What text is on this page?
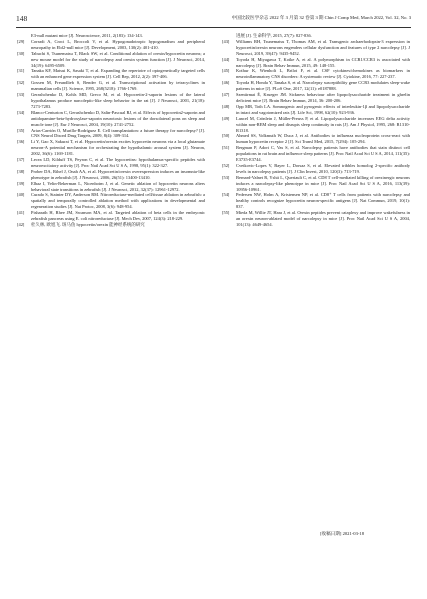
148	中国比较医学杂志 2022 年 3 月第 32 卷第 3 期 Chin J Comp Med, March 2022, Vol. 32, No. 3
E3-null mutant mice [J]. Neuroscience, 2011, 2(183): 134-143.
[29]	Corradi A, Croci L, Broccoli V, et al. Hypogonadotropic hypogonadism and peripheral neuropathy in Ebf2-null mice [J]. Development, 2003, 130(2): 401-410.
[30]	Tabuchi S, Tsunematsu T, Black SW, et al. Conditional ablation of orexin/hypocretin neurons; a new mouse model for the study of narcolepsy and orexin system function [J]. J Neurosci, 2014, 34(19): 6495-6509.
[31]	Tanaka KF, Matsui K, Sasaki T, et al. Expanding the repertoire of optogenetically targeted cells with an enhanced gene expression system [J]. Cell Rep, 2012, 2(2): 397-406.
[32]	Gossen M, Freundlieb S, Bender G, et al. Transcriptional activation by tetracyclines in mammalian cells [J]. Science, 1995, 268(5218): 1766-1769.
[33]	Gerashchenko D, Kohls MD, Greco M, et al. Hypocretin-2-saporin lesions of the lateral hypothalamus produce narcoleptic-like sleep behavior in the rat [J]. J Neurosci, 2001, 21(18): 7273-7283.
[34]	Blanco-Centurion C, Gerashchenko D, Salin-Pascual RJ, et al. Effects of hypocretin2-saporin and antidopamine-beta-hydroxylase-saporin neurotoxic lesions of the dorsolateral pons on sleep and muscle tone [J]. Eur J Neurosci, 2004, 19(10): 2741-2752.
[35]	Arias-Carrión O, Murillo-Rodríguez E. Cell transplantation: a future therapy for narcolepsy? [J]. CNS Neurol Disord Drug Targets, 2009, 8(4): 309-314.
[36]	Li Y, Gao X, Sakurai T, et al. Hypocretin/orexin excites hypocretin neurons via a local glutamate neuron-A potential mechanism for orchestrating the hypothalamic arousal system [J]. Neuron, 2002, 36(6): 1169-1181.
[37]	Lecea LD, Kilduff TS, Peyron C, et al. The hypocretins: hypothalamus-specific peptides with neuroexcitatory activity [J]. Proc Natl Acad Sci U S A, 1998, 95(1): 322-327.
[38]	Prober DA, Rihel J, Onah AA, et al. Hypocretin/orexin overexpression induces an insomnia-like phenotype in zebrafish [J]. J Neurosci, 2006, 26(51): 13400-13410.
[39]	Elbaz I, Yelin-Bekerman L, Nicenboim J, et al. Genetic ablation of hypocretin neurons alters behavioral state transitions in zebrafish [J]. J Neurosci, 2012, 32(37): 12961-12972.
[40]	Curado S, Stainier DY, Anderson RM. Nitroreductase-mediated cell/tissue ablation in zebrafish: a spatially and temporally controlled ablation method with applications in developmental and regeneration studies [J]. Nat Protoc, 2008, 3(6): 948-954.
[41]	Pisharath H, Rhee JM, Swanson MA, et al. Targeted ablation of beta cells in the embryonic zebrafish pancreas using E. coli nitroreductase [J]. Mech Dev, 2007, 124(3): 218-229.
[42]	杜久林, 欧旭飞. 斑马鱼 hypocretin/orexin 能神经系统的研究
进展 [J]. 生命科学, 2015, 27(7): 827-836.
[43]	Williams RH, Tsunematsu T, Thomas AM, et al. Transgenic archaerhodopsin-3 expression in hypocretin/orexin neurons engenders cellular dysfunction and features of type 2 narcolepsy [J]. J Neurosci, 2019, 39(47): 9435-9452.
[44]	Toyoda H, Miyagawa T, Koike A, et al. A polymorphism in CCR1/CCR3 is associated with narcolepsy [J]. Brain Behav Immun, 2015, 49: 148-155.
[45]	Kothur K, Wienholt L, Brilot F, et al. CSF cytokines/chemokines as biomarkers in neuroinflammatory CNS disorders: A systematic review [J]. Cytokine, 2016, 77: 227-237.
[46]	Toyoda H, Honda Y, Tanaka S, et al. Narcolepsy susceptibility gene CCR3 modulates sleep-wake patterns in mice [J]. PLoS One, 2017, 12(11): e0187888.
[47]	Szentirmai É, Krueger JM. Sickness behaviour after lipopolysaccharide treatment in ghrelin deficient mice [J]. Brain Behav Immun, 2014, 36: 200-206.
[48]	Opp MR, Toth LA. Somnogenic and pyrogenic effects of interleukin-1β and lipopolysaccharide in intact and vagotomized rats [J]. Life Sci, 1998, 62(10): 923-936.
[49]	Lancel M, Crönlein J, Müller-Preuss P, et al. Lipopolysaccharide increases EEG delta activity within non-REM sleep and disrupts sleep continuity in rats [J]. Am J Physiol, 1995, 268: R1310-R1318.
[50]	Ahmed SS, Volkmuth W, Duca J, et al. Antibodies to influenza nucleoprotein cross-react with human hypocretin receptor 2 [J]. Sci Transl Med, 2015, 7(294): 105-294.
[51]	Bergman P, Adori C, Vas S, et al. Narcolepsy patients have antibodies that stain distinct cell populations in rat brain and influence sleep patterns [J]. Proc Natl Acad Sci U S A, 2014, 111(35): E3735-E3744.
[52]	Cvetkovic-Lopes V, Bayer L, Dorsaz S, et al. Elevated tribbles homolog 2-specific antibody levels in narcolepsy patients [J]. J Clin Invest, 2010, 120(3): 713-719.
[53]	Bernard-Valnet R, Yshii L, Queriault C, et al. CD8 T cell-mediated killing of orexinergic neurons induces a narcolepsy-like phenotype in mice [J]. Proc Natl Acad Sci U S A, 2016, 113(39): 10956-10961.
[54]	Pedersen NW, Holm A, Kristensen NP, et al. CD8⁺ T cells from patients with narcolepsy and healthy controls recognize hypocretin neuron-specific antigens [J]. Nat Commun, 2019, 10(1): 837.
[55]	Mieda M, Willie JT, Hara J, et al. Orexin peptides prevent cataplexy and improve wakefulness in an orexin neuron-ablated model of narcolepsy in mice [J]. Proc Natl Acad Sci U S A, 2004, 101(13): 4649-4654.
[收稿日期] 2021-03-18
